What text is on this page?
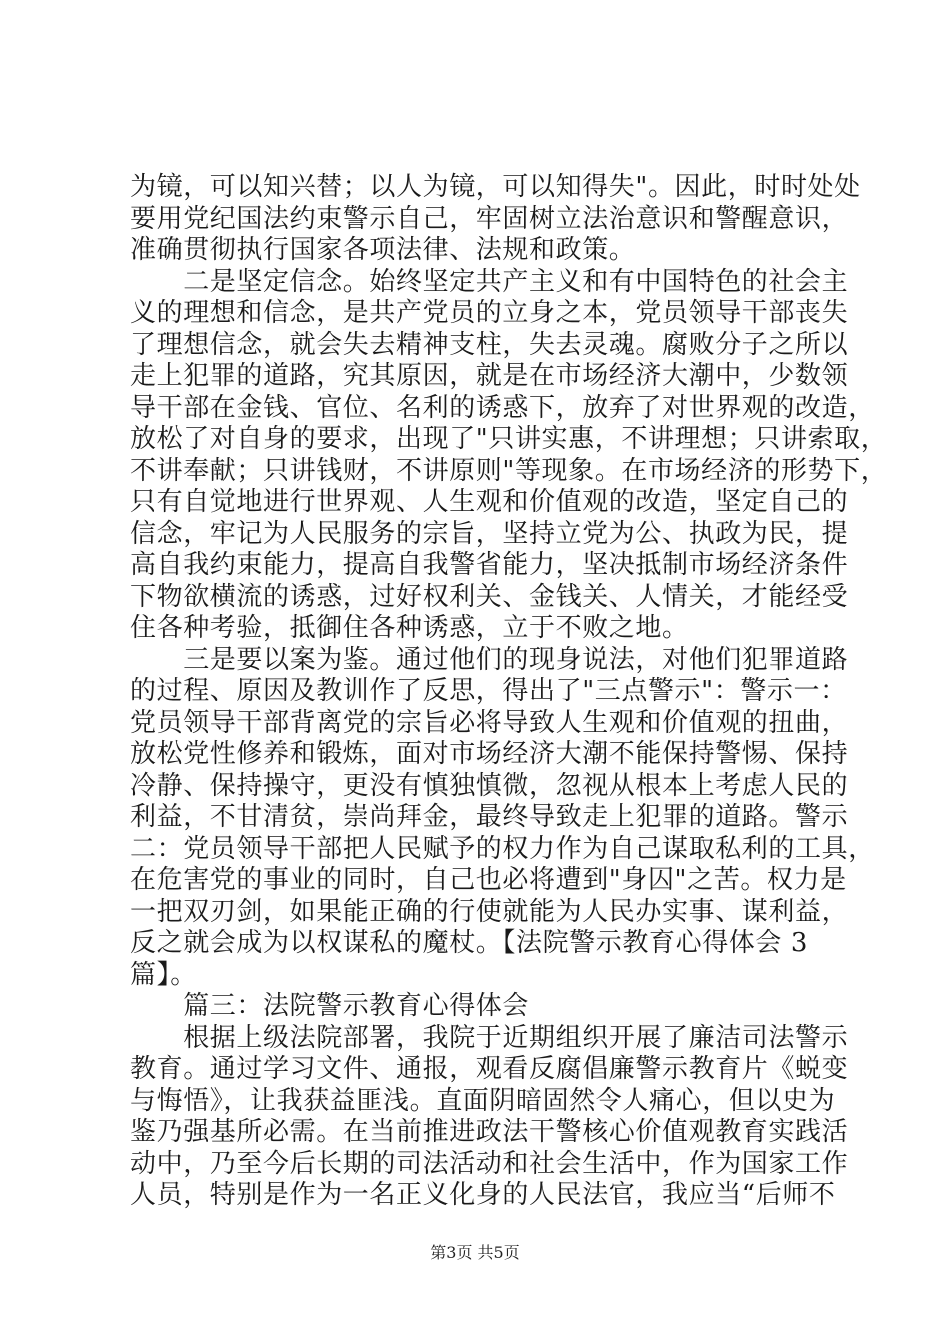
为镜，可以知兴替；以人为镜，可以知得失"。因此，时时处处
要用党纪国法约束警示自己，牢固树立法治意识和警醒意识，
准确贯彻执行国家各项法律、法规和政策。
　　二是坚定信念。始终坚定共产主义和有中国特色的社会主
义的理想和信念，是共产党员的立身之本，党员领导干部丧失
了理想信念，就会失去精神支柱，失去灵魂。腐败分子之所以
走上犯罪的道路，究其原因，就是在市场经济大潮中，少数领
导干部在金钱、官位、名利的诱惑下，放弃了对世界观的改造，
放松了对自身的要求，出现了"只讲实惠，不讲理想；只讲索取，
不讲奉献；只讲钱财，不讲原则"等现象。在市场经济的形势下，
只有自觉地进行世界观、人生观和价值观的改造，坚定自己的
信念，牢记为人民服务的宗旨，坚持立党为公、执政为民，提
高自我约束能力，提高自我警省能力，坚决抵制市场经济条件
下物欲横流的诱惑，过好权利关、金钱关、人情关，才能经受
住各种考验，抵御住各种诱惑，立于不败之地。
　　三是要以案为鉴。通过他们的现身说法，对他们犯罪道路
的过程、原因及教训作了反思，得出了"三点警示"：警示一：
党员领导干部背离党的宗旨必将导致人生观和价值观的扭曲，
放松党性修养和锻炼，面对市场经济大潮不能保持警惕、保持
冷静、保持操守，更没有慎独慎微，忽视从根本上考虑人民的
利益，不甘清贫，崇尚拜金，最终导致走上犯罪的道路。警示
二：党员领导干部把人民赋予的权力作为自己谋取私利的工具，
在危害党的事业的同时，自己也必将遭到"身囚"之苦。权力是
一把双刃剑，如果能正确的行使就能为人民办实事、谋利益，
反之就会成为以权谋私的魔杖。【法院警示教育心得体会 3
篇】。
　　篇三：法院警示教育心得体会
　　根据上级法院部署，我院于近期组织开展了廉洁司法警示
教育。通过学习文件、通报，观看反腐倡廉警示教育片《蜕变
与悔悟》，让我获益匪浅。直面阴暗固然令人痛心，但以史为
鉴乃强基所必需。在当前推进政法干警核心价值观教育实践活
动中，乃至今后长期的司法活动和社会生活中，作为国家工作
人员，特别是作为一名正义化身的人民法官，我应当“后师不
第3页 共5页
